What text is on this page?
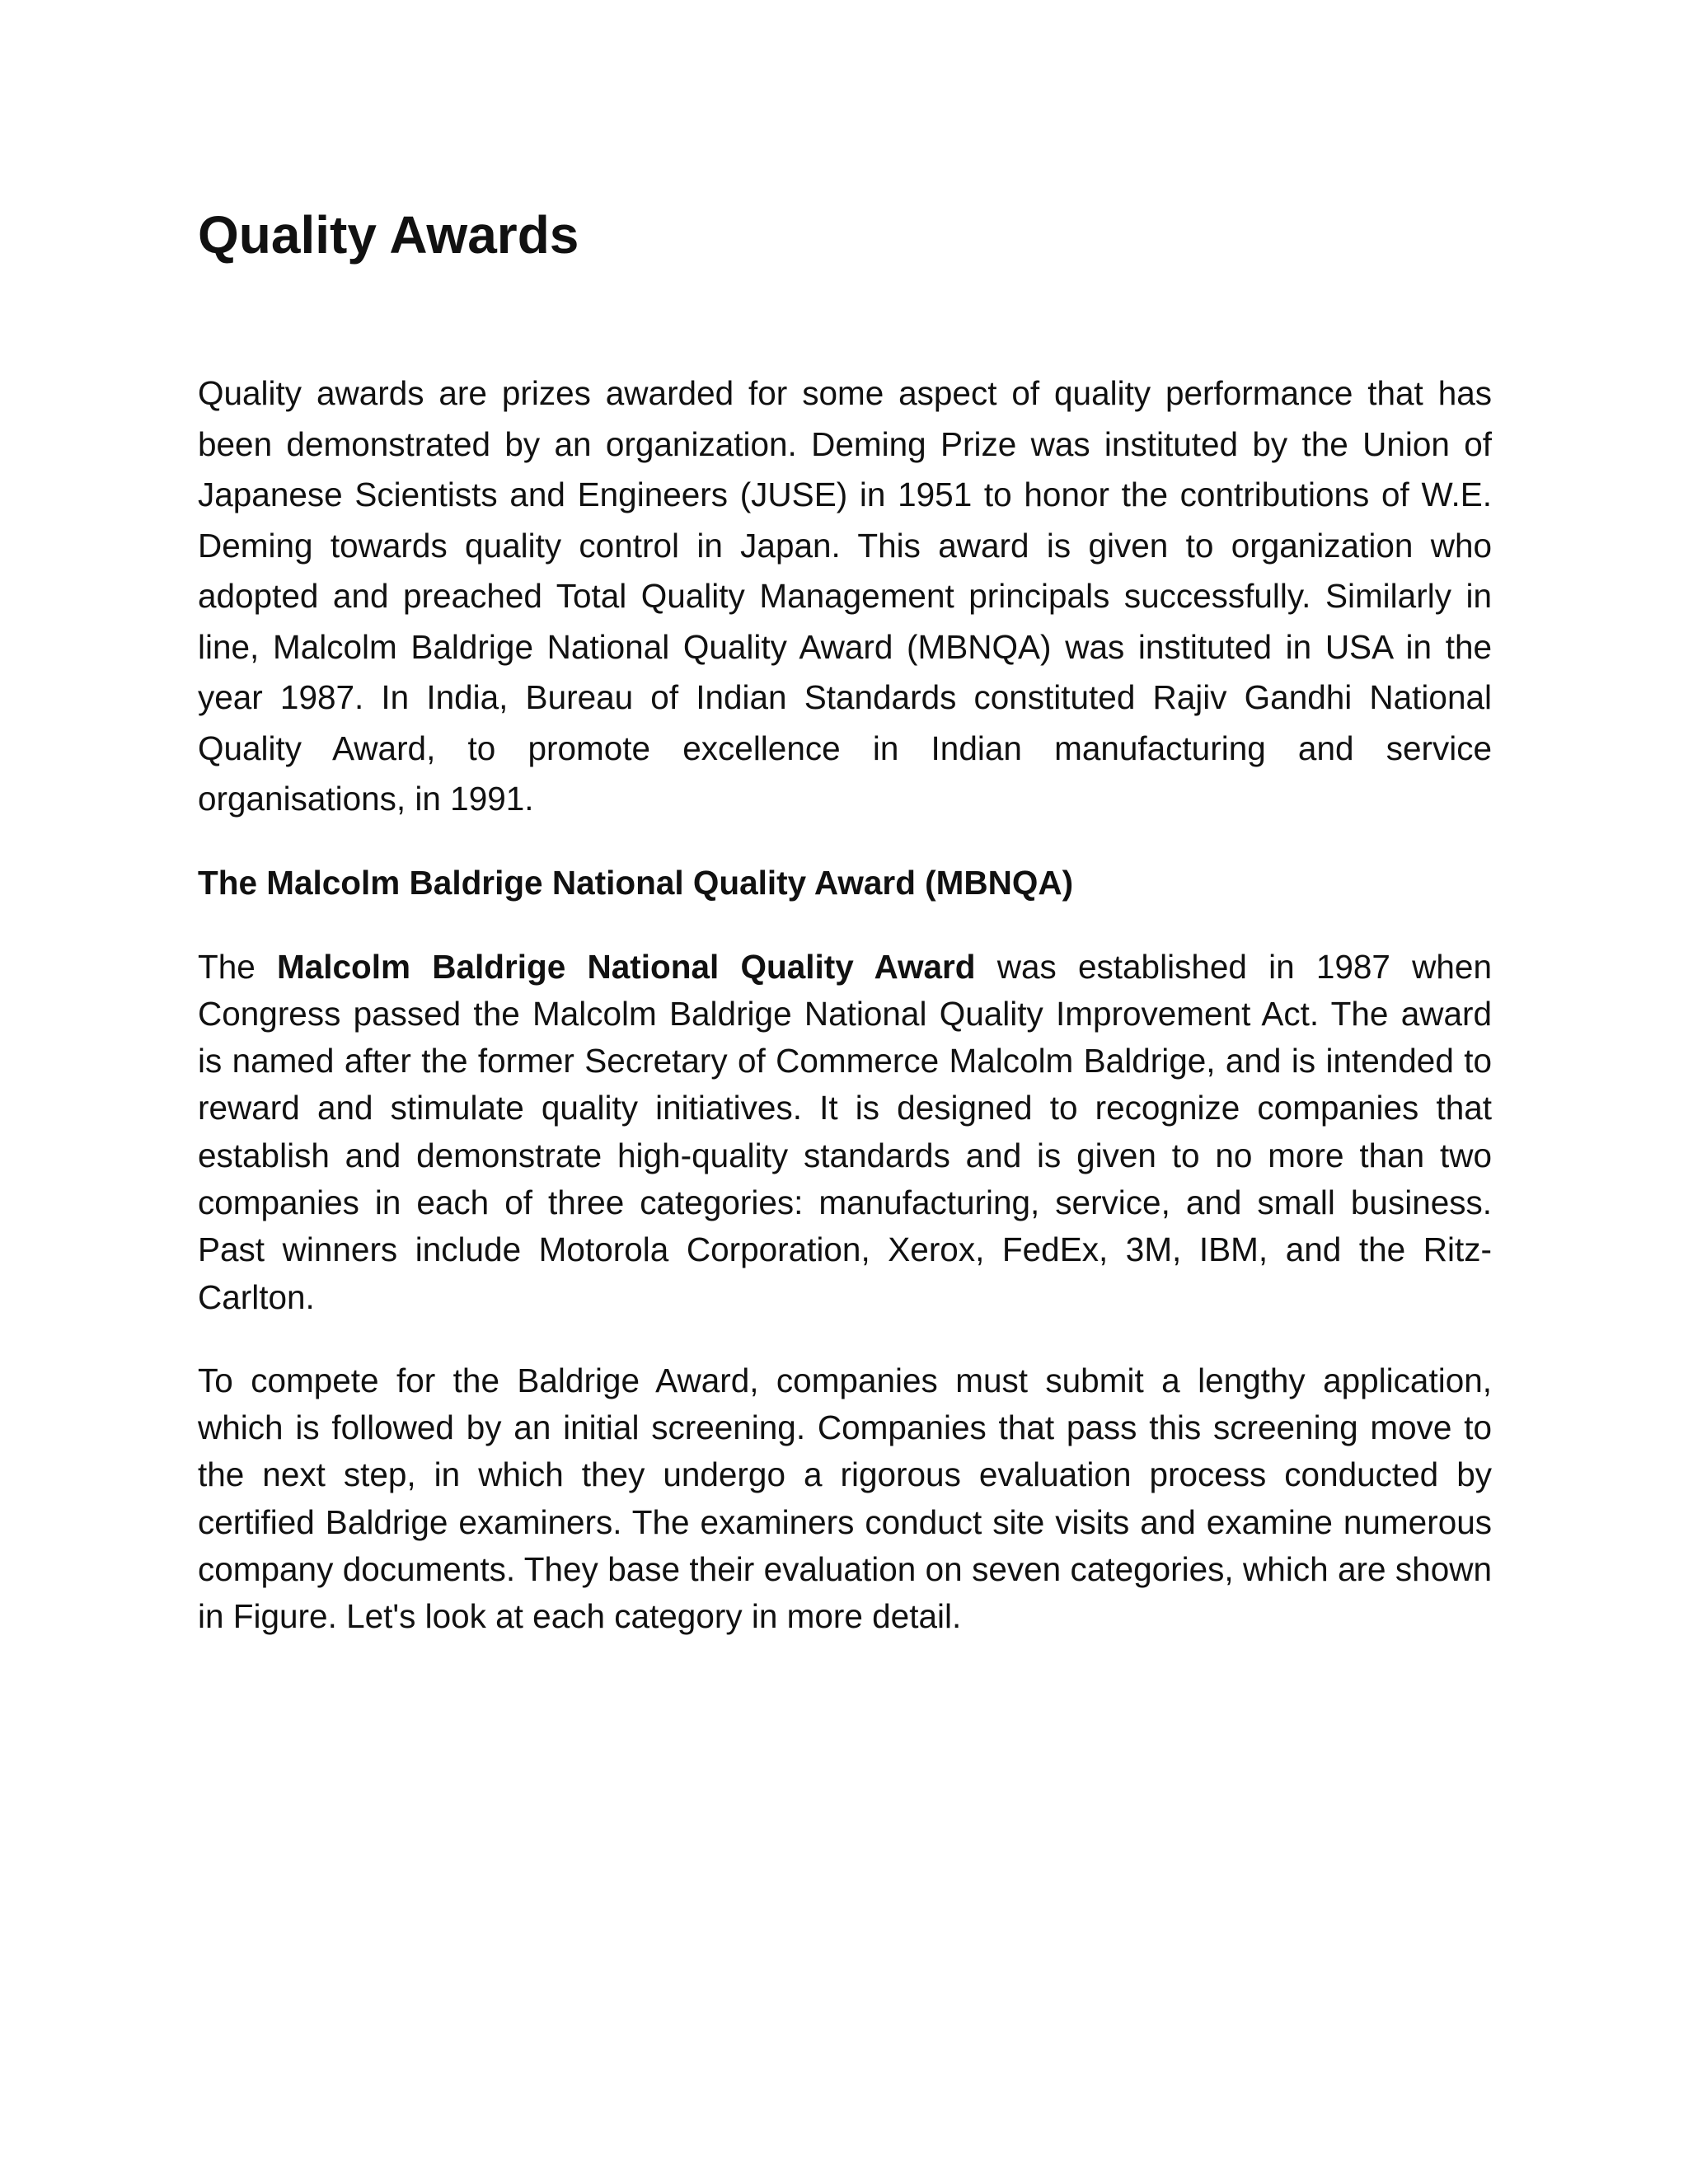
Quality Awards

Quality awards are prizes awarded for some aspect of quality performance that has been demonstrated by an organization. Deming Prize was instituted by the Union of Japanese Scientists and Engineers (JUSE) in 1951 to honor the contributions of W.E. Deming towards quality control in Japan. This award is given to organization who adopted and preached Total Quality Management principals successfully. Similarly in line, Malcolm Baldrige National Quality Award (MBNQA) was instituted in USA in the year 1987. In India, Bureau of Indian Standards constituted Rajiv Gandhi National Quality Award, to promote excellence in Indian manufacturing and service organisations, in 1991.

The Malcolm Baldrige National Quality Award (MBNQA)

The Malcolm Baldrige National Quality Award was established in 1987 when Congress passed the Malcolm Baldrige National Quality Improvement Act. The award is named after the former Secretary of Commerce Malcolm Baldrige, and is intended to reward and stimulate quality initiatives. It is designed to recognize companies that establish and demonstrate high-quality standards and is given to no more than two companies in each of three categories: manufacturing, service, and small business. Past winners include Motorola Corporation, Xerox, FedEx, 3M, IBM, and the Ritz-Carlton.

To compete for the Baldrige Award, companies must submit a lengthy application, which is followed by an initial screening. Companies that pass this screening move to the next step, in which they undergo a rigorous evaluation process conducted by certified Baldrige examiners. The examiners conduct site visits and examine numerous company documents. They base their evaluation on seven categories, which are shown in Figure. Let's look at each category in more detail.
